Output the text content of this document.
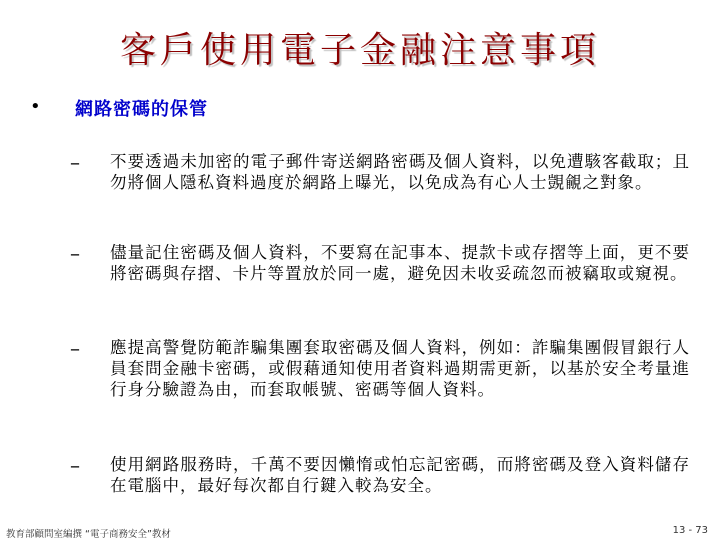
客戶使用電子金融注意事項
• 網路密碼的保管
– 不要透過未加密的電子郵件寄送網路密碼及個人資料，以免遭駭客截取；且勿將個人隱私資料過度於網路上曝光，以免成為有心人士覬覦之對象。
– 儘量記住密碼及個人資料，不要寫在記事本、提款卡或存摺等上面，更不要將密碼與存摺、卡片等置放於同一處，避免因未收妥疏忽而被竊取或窺視。
– 應提高警覺防範詐騙集團套取密碼及個人資料，例如：詐騙集團假冒銀行人員套問金融卡密碼，或假藉通知使用者資料過期需更新，以基於安全考量進行身分驗證為由，而套取帳號、密碼等個人資料。
– 使用網路服務時，千萬不要因懶惰或怕忘記密碼，而將密碼及登入資料儲存在電腦中，最好每次都自行鍵入較為安全。
教育部顧問室編撰 “電子商務安全”教材	13 - 73
